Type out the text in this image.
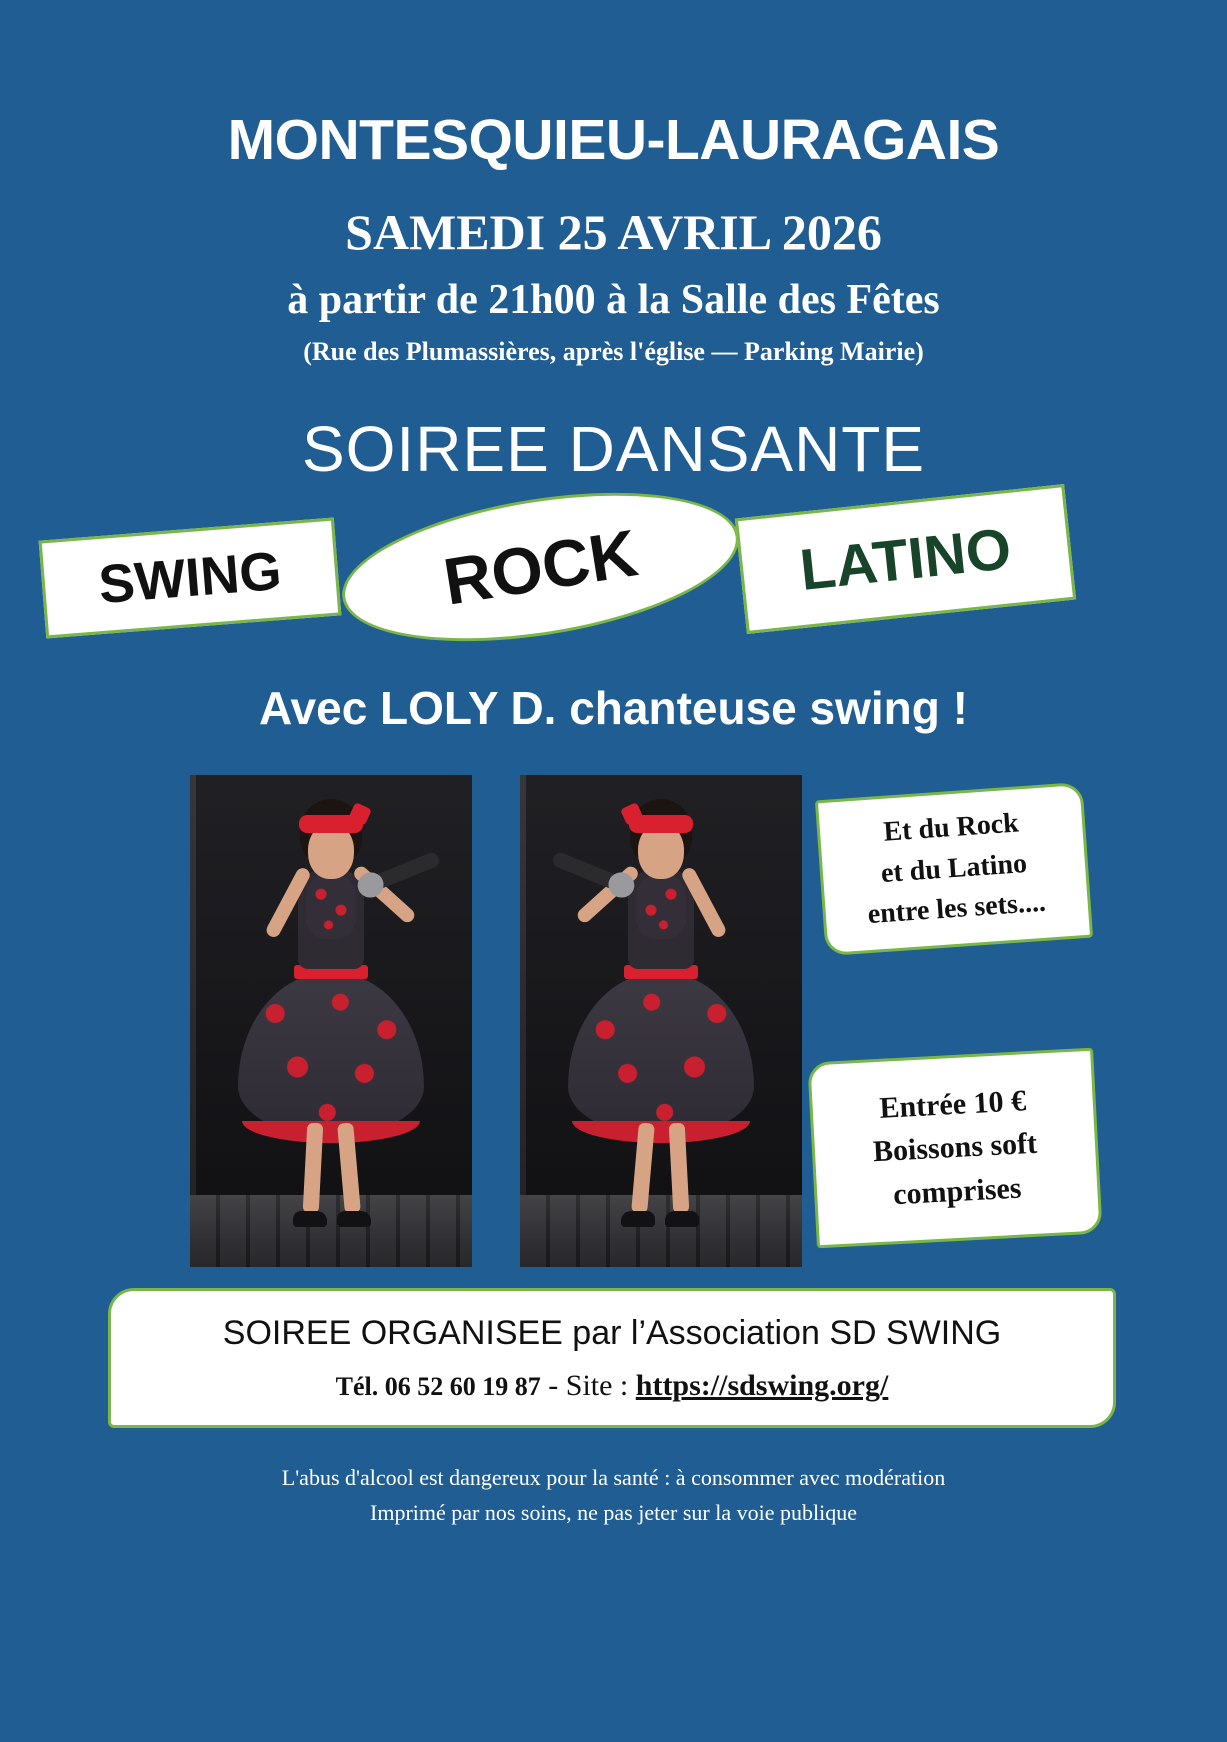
MONTESQUIEU-LAURAGAIS
SAMEDI 25 AVRIL 2026
à partir de 21h00 à la Salle des Fêtes
(Rue des Plumassières, après l'église — Parking Mairie)
SOIREE DANSANTE
SWING	ROCK	LATINO
Avec LOLY D. chanteuse swing !
Et du Rock
et du Latino
entre les sets....
Entrée 10 €
Boissons soft
comprises
SOIREE ORGANISEE par l’Association SD SWING
Tél. 06 52 60 19 87 - Site : https://sdswing.org/
L'abus d'alcool est dangereux pour la santé : à consommer avec modération
Imprimé par nos soins, ne pas jeter sur la voie publique
